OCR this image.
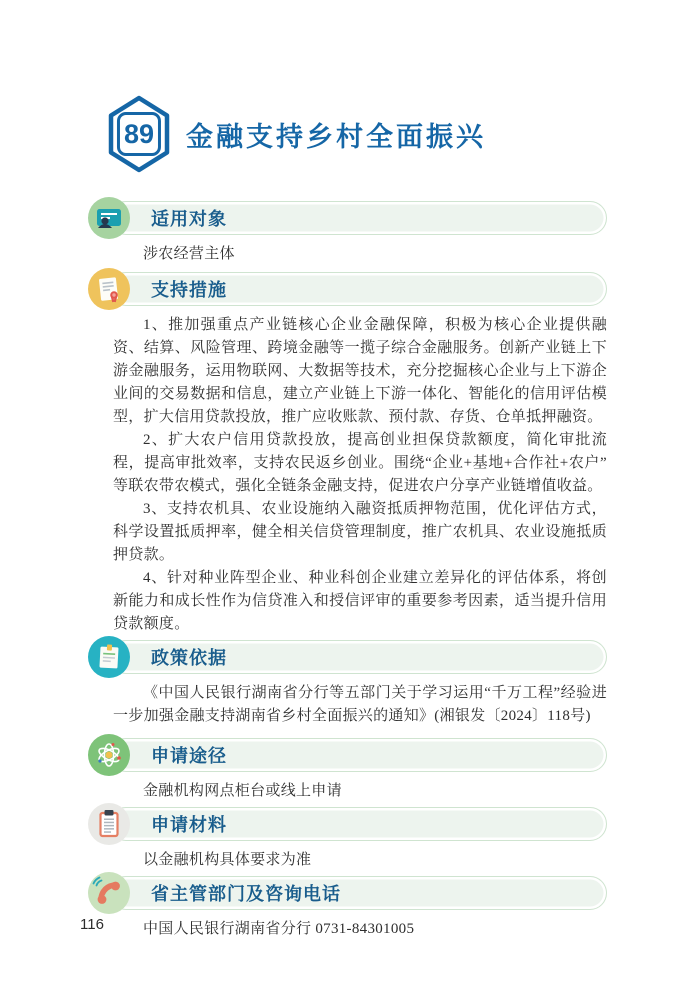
89 金融支持乡村全面振兴
适用对象

涉农经营主体

支持措施

1、推加强重点产业链核心企业金融保障，积极为核心企业提供融资、结算、风险管理、跨境金融等一揽子综合金融服务。创新产业链上下游金融服务，运用物联网、大数据等技术，充分挖掘核心企业与上下游企业间的交易数据和信息，建立产业链上下游一体化、智能化的信用评估模型，扩大信用贷款投放，推广应收账款、预付款、存货、仓单抵押融资。

2、扩大农户信用贷款投放，提高创业担保贷款额度，简化审批流程，提高审批效率，支持农民返乡创业。围绕“企业+基地+合作社+农户”等联农带农模式，强化全链条金融支持，促进农户分享产业链增值收益。

3、支持农机具、农业设施纳入融资抵质押物范围，优化评估方式，科学设置抵质押率，健全相关信贷管理制度，推广农机具、农业设施抵质押贷款。

4、针对种业阵型企业、种业科创企业建立差异化的评估体系，将创新能力和成长性作为信贷准入和授信评审的重要参考因素，适当提升信用贷款额度。

政策依据

《中国人民银行湖南省分行等五部门关于学习运用“千万工程”经验进一步加强金融支持湖南省乡村全面振兴的通知》(湘银发〔2024〕118号)

申请途径

金融机构网点柜台或线上申请

申请材料

以金融机构具体要求为准

省主管部门及咨询电话

中国人民银行湖南省分行 0731-84301005

116
